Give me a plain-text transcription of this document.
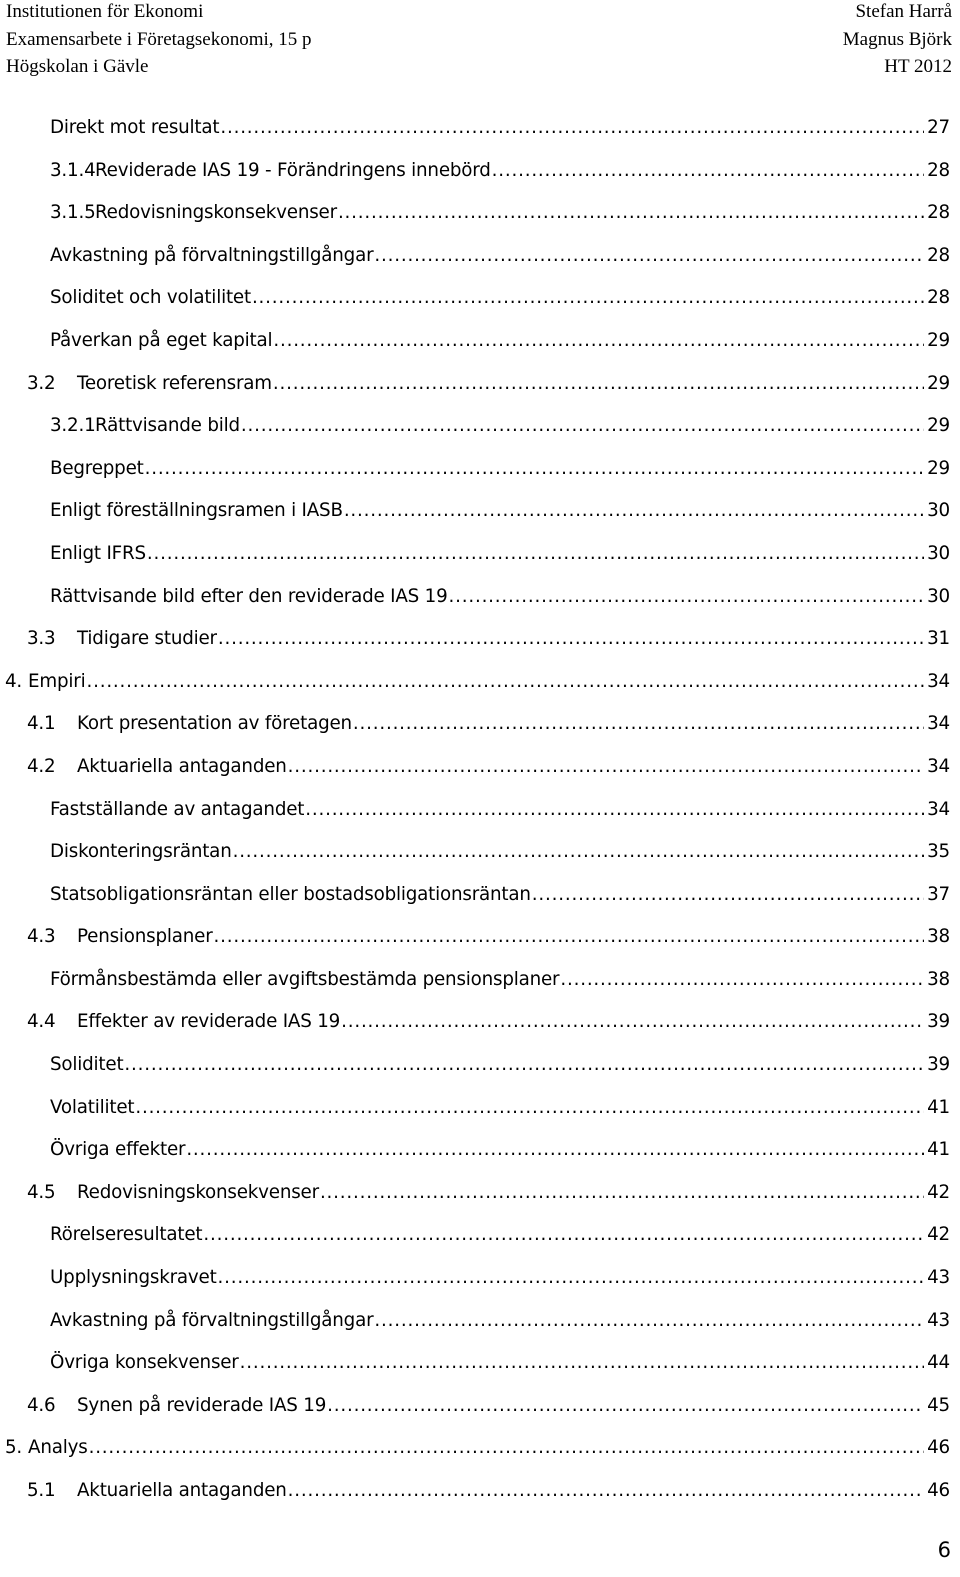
Institutionen för Ekonomi
Examensarbete i Företagsekonomi, 15 p
Högskolan i Gävle
Stefan Harrå
Magnus Björk
HT 2012
Direkt mot resultat .....	27
3.1.4 Reviderade IAS 19 - Förändringens innebörd .....	28
3.1.5 Redovisningskonsekvenser .....	28
Avkastning på förvaltningstillgångar .....	28
Soliditet och volatilitet .....	28
Påverkan på eget kapital .....	29
3.2	Teoretisk referensram .....	29
3.2.1 Rättvisande bild .....	29
Begreppet .....	29
Enligt föreställningsramen i IASB .....	30
Enligt IFRS .....	30
Rättvisande bild efter den reviderade IAS 19 .....	30
3.3	Tidigare studier .....	31
4. Empiri .....	34
4.1	Kort presentation av företagen .....	34
4.2	Aktuariella antaganden .....	34
Fastställande av antagandet .....	34
Diskonteringsräntan .....	35
Statsobligationsräntan eller bostadsobligationsräntan .....	37
4.3	Pensionsplaner .....	38
Förmånsbestämda eller avgiftsbestämda pensionsplaner .....	38
4.4	Effekter av reviderade IAS 19 .....	39
Soliditet .....	39
Volatilitet .....	41
Övriga effekter .....	41
4.5	Redovisningskonsekvenser .....	42
Rörelseresultatet .....	42
Upplysningskravet .....	43
Avkastning på förvaltningstillgångar .....	43
Övriga konsekvenser .....	44
4.6	Synen på reviderade IAS 19 .....	45
5. Analys .....	46
5.1	Aktuariella antaganden .....	46
6
